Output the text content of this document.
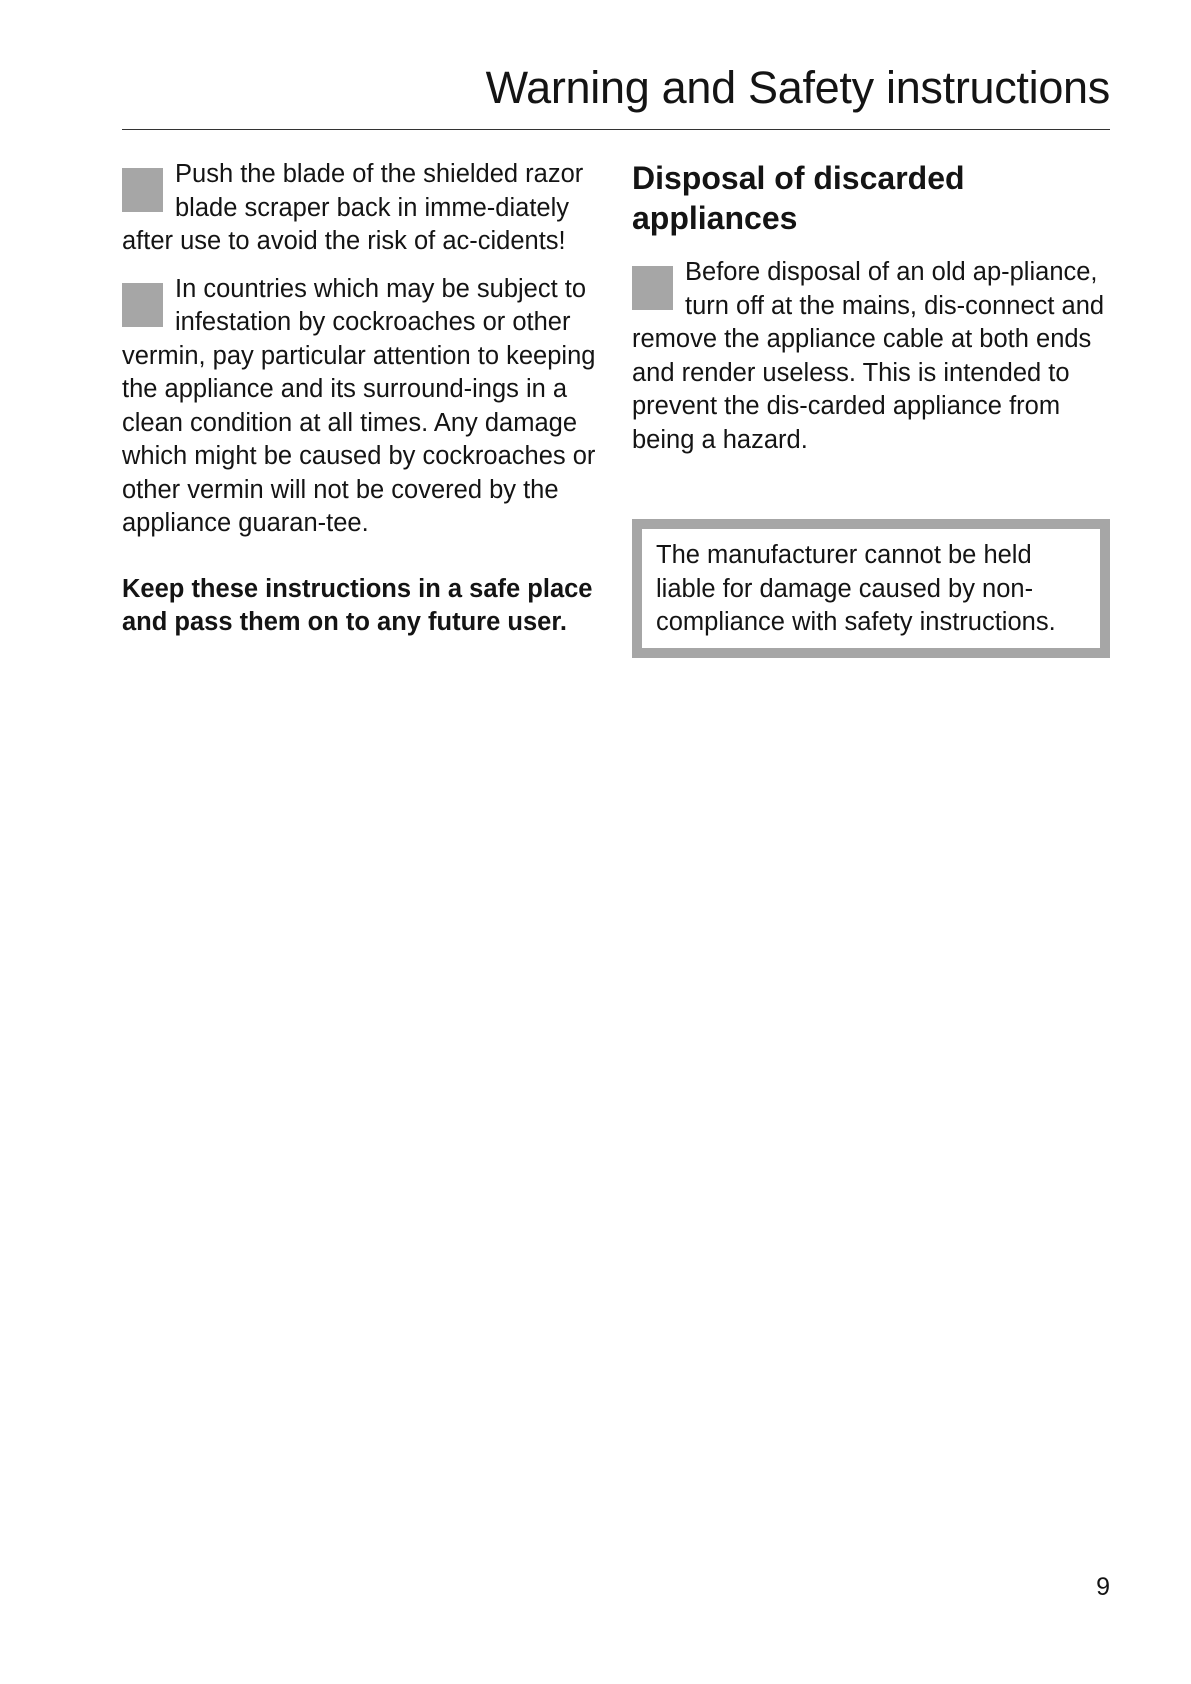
Warning and Safety instructions
Push the blade of the shielded razor blade scraper back in imme-diately after use to avoid the risk of ac-cidents!
In countries which may be subject to infestation by cockroaches or other vermin, pay particular attention to keeping the appliance and its surround-ings in a clean condition at all times. Any damage which might be caused by cockroaches or other vermin will not be covered by the appliance guaran-tee.

Keep these instructions in a safe place and pass them on to any future user.

Disposal of discarded appliances
Before disposal of an old ap-pliance, turn off at the mains, dis-connect and remove the appliance cable at both ends and render useless. This is intended to prevent the dis-carded appliance from being a hazard.
The manufacturer cannot be held liable for damage caused by non-compliance with safety instructions.
9
